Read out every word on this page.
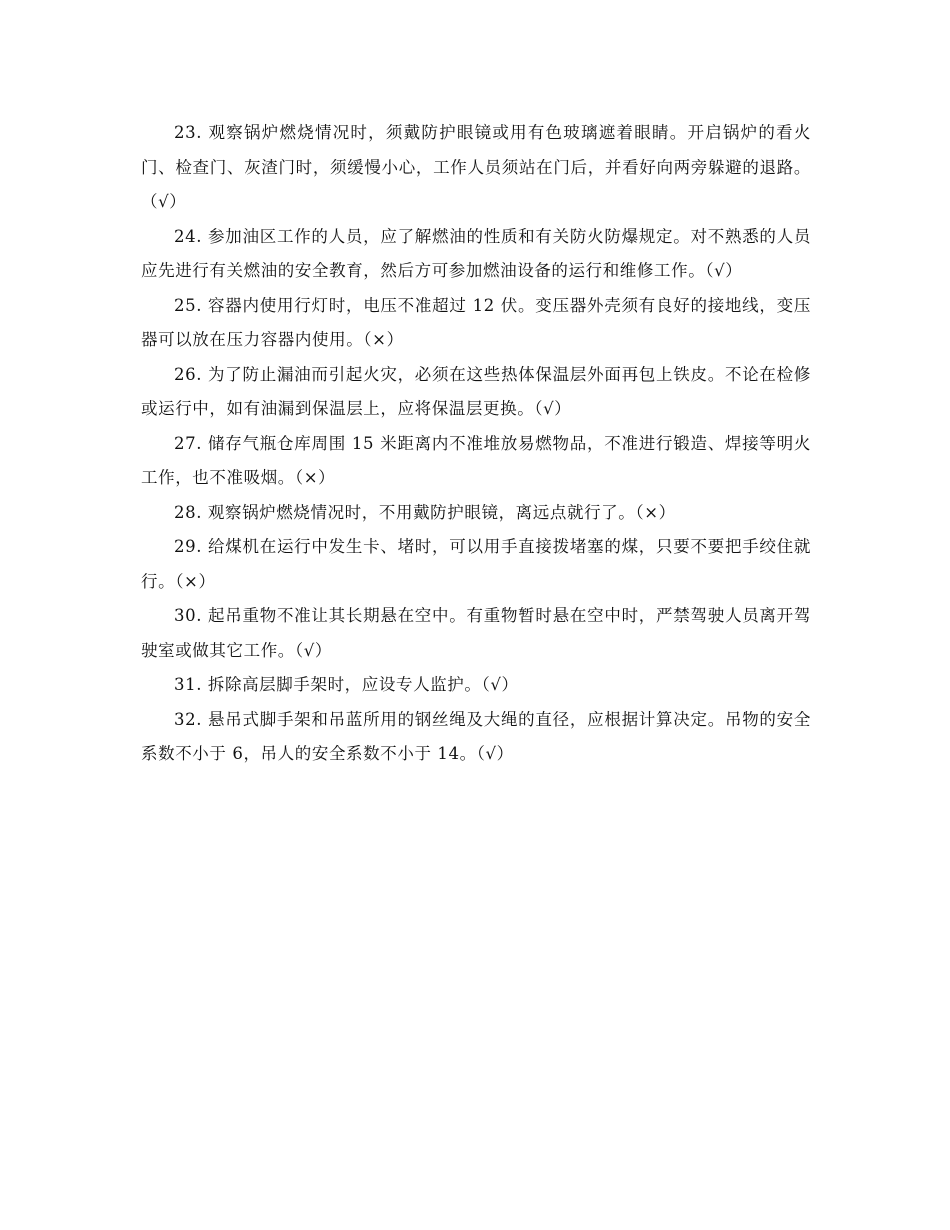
23. 观察锅炉燃烧情况时，须戴防护眼镜或用有色玻璃遮着眼睛。开启锅炉的看火门、检查门、灰渣门时，须缓慢小心，工作人员须站在门后，并看好向两旁躲避的退路。（√）

24. 参加油区工作的人员，应了解燃油的性质和有关防火防爆规定。对不熟悉的人员应先进行有关燃油的安全教育，然后方可参加燃油设备的运行和维修工作。（√）

25. 容器内使用行灯时，电压不准超过 12 伏。变压器外壳须有良好的接地线，变压器可以放在压力容器内使用。（×）

26. 为了防止漏油而引起火灾，必须在这些热体保温层外面再包上铁皮。不论在检修或运行中，如有油漏到保温层上，应将保温层更换。（√）

27. 储存气瓶仓库周围 15 米距离内不准堆放易燃物品，不准进行锻造、焊接等明火工作，也不准吸烟。（×）

28. 观察锅炉燃烧情况时，不用戴防护眼镜，离远点就行了。（×）

29. 给煤机在运行中发生卡、堵时，可以用手直接拨堵塞的煤，只要不要把手绞住就行。（×）

30. 起吊重物不准让其长期悬在空中。有重物暂时悬在空中时，严禁驾驶人员离开驾驶室或做其它工作。（√）

31. 拆除高层脚手架时，应设专人监护。（√）

32. 悬吊式脚手架和吊蓝所用的钢丝绳及大绳的直径，应根据计算决定。吊物的安全系数不小于 6，吊人的安全系数不小于 14。（√）
